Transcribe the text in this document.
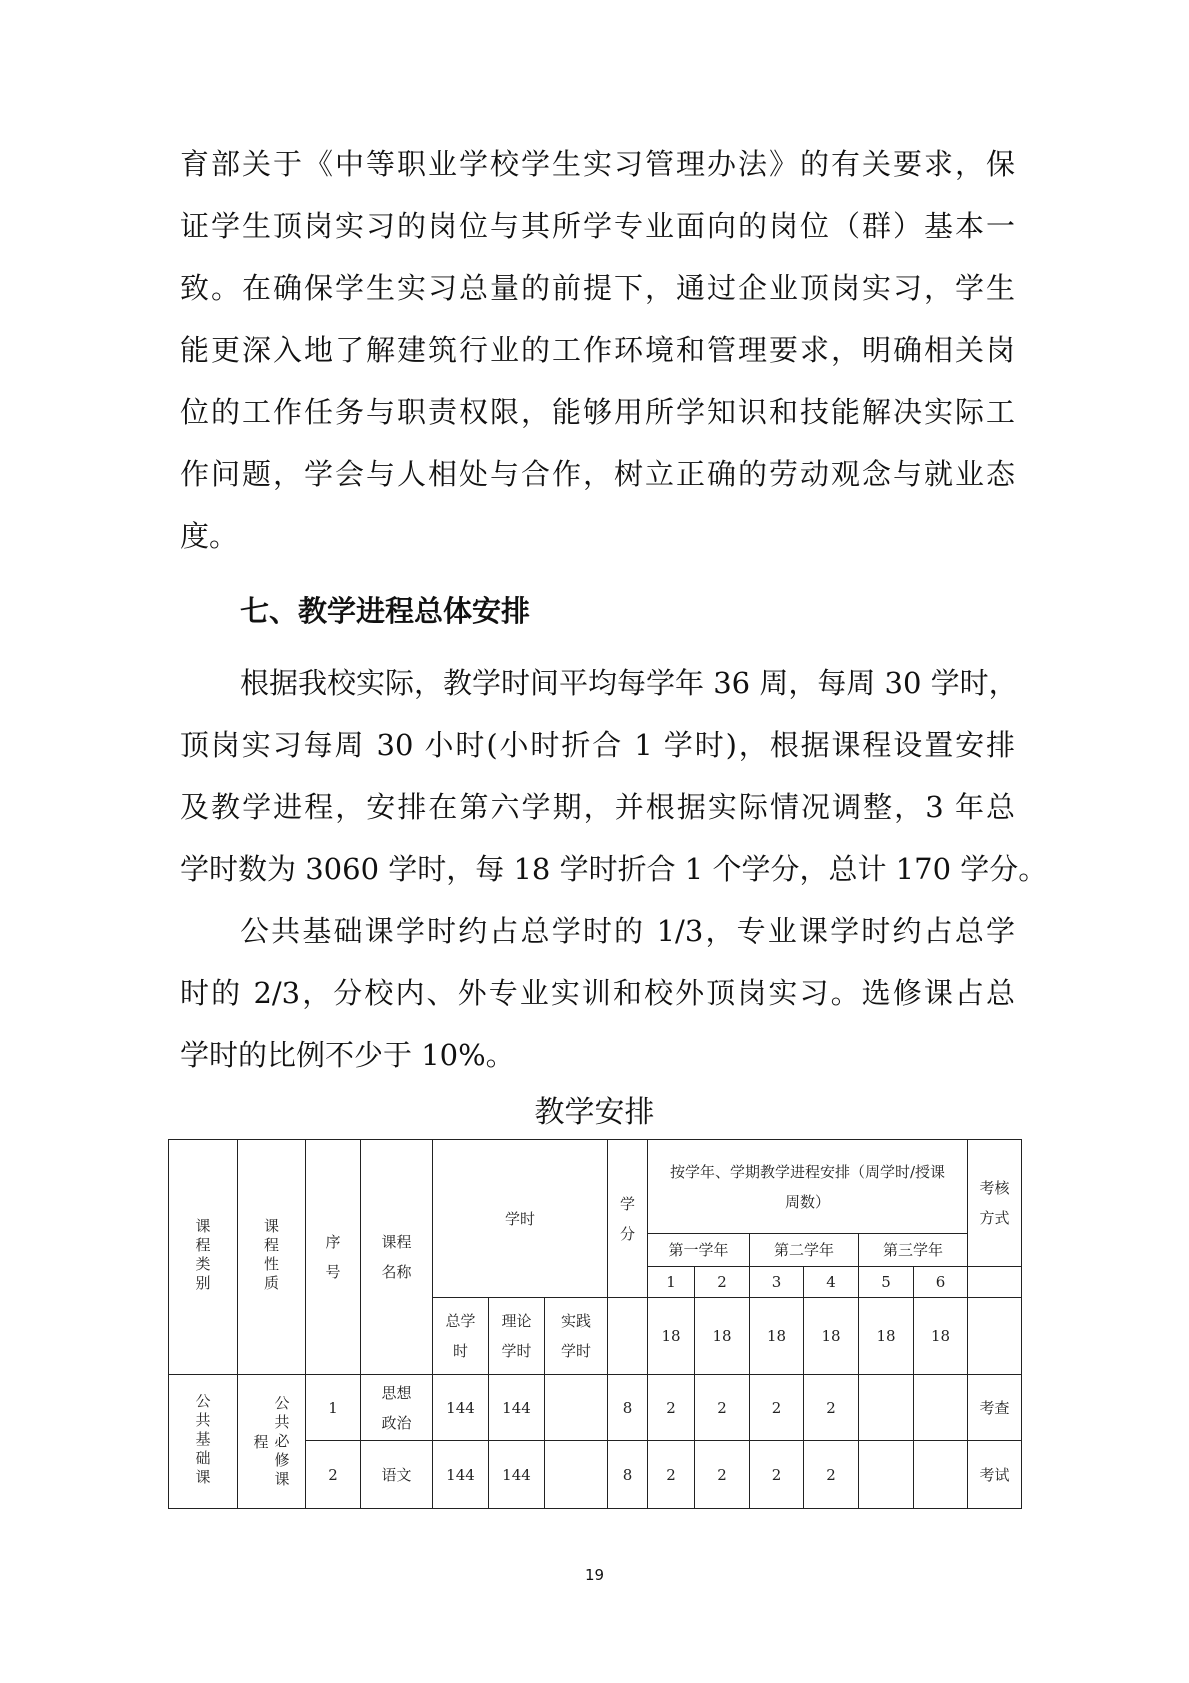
育部关于《中等职业学校学生实习管理办法》的有关要求，保
证学生顶岗实习的岗位与其所学专业面向的岗位（群）基本一
致。在确保学生实习总量的前提下，通过企业顶岗实习，学生
能更深入地了解建筑行业的工作环境和管理要求，明确相关岗
位的工作任务与职责权限，能够用所学知识和技能解决实际工
作问题，学会与人相处与合作，树立正确的劳动观念与就业态
度。
七、教学进程总体安排
根据我校实际，教学时间平均每学年 36 周，每周 30 学时，
顶岗实习每周 30 小时(小时折合 1 学时)，根据课程设置安排
及教学进程，安排在第六学期，并根据实际情况调整，3 年总
学时数为 3060 学时，每 18 学时折合 1 个学分，总计 170 学分。
公共基础课学时约占总学时的 1/3，专业课学时约占总学
时的 2/3，分校内、外专业实训和校外顶岗实习。选修课占总
学时的比例不少于 10%。
教学安排
课程类别	课程性质	序号	课程名称	学时			学分	按学年、学期教学进程安排（周学时/授课周数）						考核方式
								第一学年		第二学年		第三学年		
								1	2	3	4	5	6	
				总学时	理论学时	实践学时		18	18	18	18	18	18	
公共基础课	程公共必修课	1	思想政治	144	144		8	2	2	2	2			考查
		2	语文	144	144		8	2	2	2	2			考试
19
